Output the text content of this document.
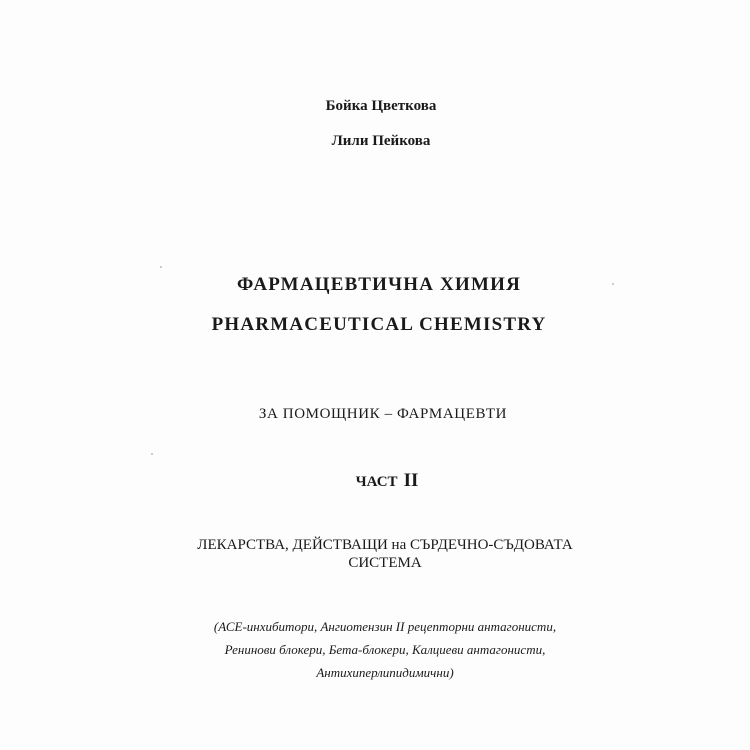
Бойка Цветкова
Лили Пейкова
ФАРМАЦЕВТИЧНА ХИМИЯ
PHARMACEUTICAL CHEMISTRY
ЗА ПОМОЩНИК – ФАРМАЦЕВТИ
ЧАСТ II
ЛЕКАРСТВА, ДЕЙСТВАЩИ на СЪРДЕЧНО-СЪДОВАТА
СИСТЕМА
(АСЕ-инхибитори, Ангиотензин II рецепторни антагонисти,
Ренинови блокери, Бета-блокери, Калциеви антагонисти,
Антихиперлипидимични)
